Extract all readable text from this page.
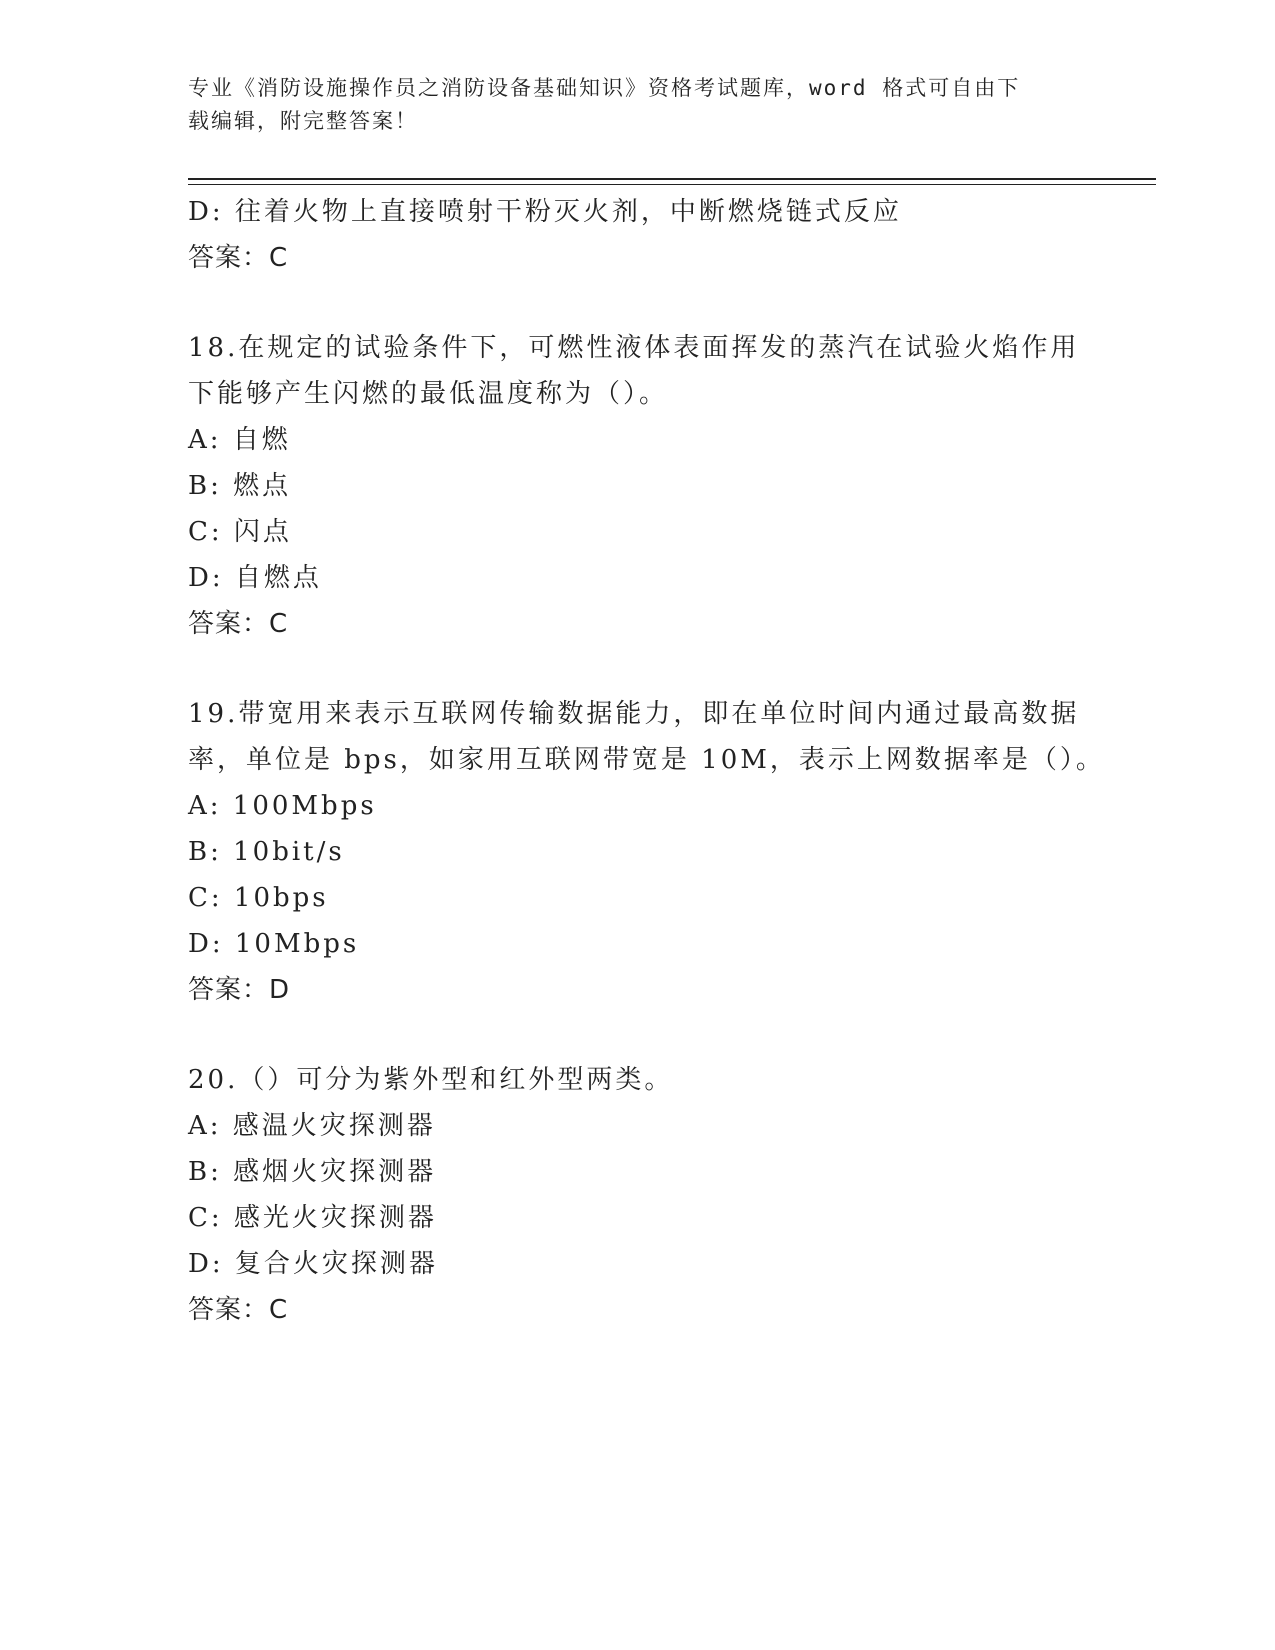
专业《消防设施操作员之消防设备基础知识》资格考试题库，word 格式可自由下
载编辑，附完整答案！
D: 往着火物上直接喷射干粉灭火剂，中断燃烧链式反应
答案：C
18.在规定的试验条件下，可燃性液体表面挥发的蒸汽在试验火焰作用
下能够产生闪燃的最低温度称为（）。
A: 自燃
B: 燃点
C: 闪点
D: 自燃点
答案：C
19.带宽用来表示互联网传输数据能力，即在单位时间内通过最高数据
率，单位是 bps，如家用互联网带宽是 10M，表示上网数据率是（）。
A: 100Mbps
B: 10bit/s
C: 10bps
D: 10Mbps
答案：D
20.（）可分为紫外型和红外型两类。
A: 感温火灾探测器
B: 感烟火灾探测器
C: 感光火灾探测器
D: 复合火灾探测器
答案：C
